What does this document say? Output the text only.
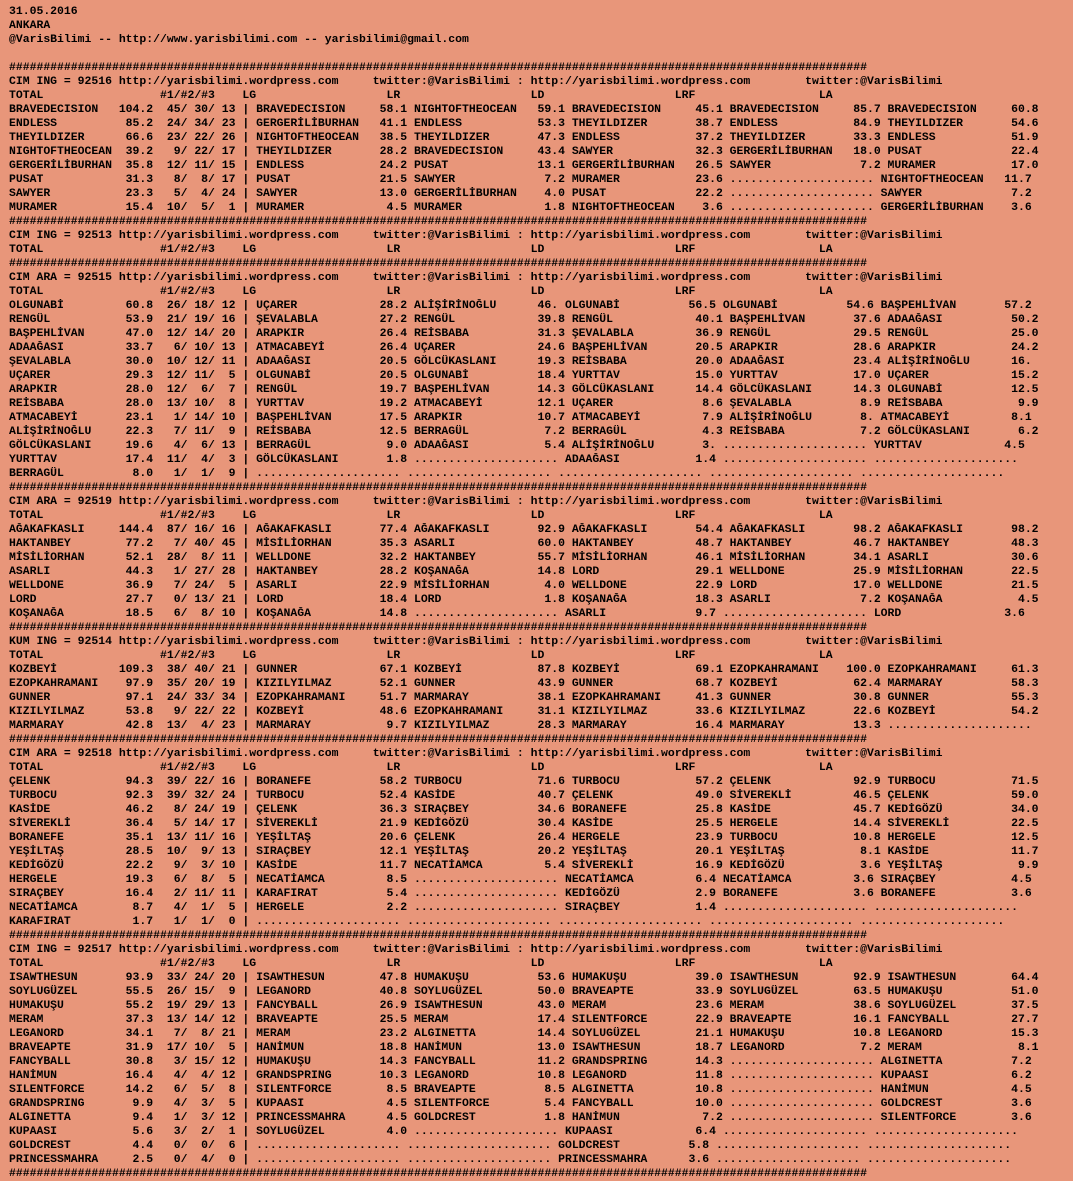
31.05.2016
ANKARA
@VarisBilimi -- http://www.yarisbilimi.com -- yarisbilimi@gmail.com
#############################################################################################################################
CIM ING = 92516 http://yarisbilimi.wordpress.com     twitter:@VarisBilimi : http://yarisbilimi.wordpress.com        twitter:@VarisBilimi
TOTAL                 #1/#2/#3    LG                   LR                   LD                   LRF                  LA
BRAVEDECISION   104.2  45/ 30/ 13 | BRAVEDECISION     58.1 NIGHTOFTHEOCEAN   59.1 BRAVEDECISION     45.1 BRAVEDECISION     85.7 BRAVEDECISION     60.8
ENDLESS          85.2  24/ 34/ 23 | GERGERİLİBURHAN   41.1 ENDLESS           53.3 THEYILDIZER       38.7 ENDLESS           84.9 THEYILDIZER       54.6
THEYILDIZER      66.6  23/ 22/ 26 | NIGHTOFTHEOCEAN   38.5 THEYILDIZER       47.3 ENDLESS           37.2 THEYILDIZER       33.3 ENDLESS           51.9
NIGHTOFTHEOCEAN  39.2   9/ 22/ 17 | THEYILDIZER       28.2 BRAVEDECISION     43.4 SAWYER            32.3 GERGERİLİBURHAN   18.0 PUSAT             22.4
GERGERİLİBURHAN  35.8  12/ 11/ 15 | ENDLESS           24.2 PUSAT             13.1 GERGERİLİBURHAN   26.5 SAWYER             7.2 MURAMER           17.0
PUSAT            31.3   8/  8/ 17 | PUSAT             21.5 SAWYER             7.2 MURAMER           23.6 ..................... NIGHTOFTHEOCEAN   11.7
SAWYER           23.3   5/  4/ 24 | SAWYER            13.0 GERGERİLİBURHAN    4.0 PUSAT             22.2 ..................... SAWYER             7.2
MURAMER          15.4  10/  5/  1 | MURAMER            4.5 MURAMER            1.8 NIGHTOFTHEOCEAN    3.6 ..................... GERGERİLİBURHAN    3.6
#############################################################################################################################
CIM ING = 92513 http://yarisbilimi.wordpress.com     twitter:@VarisBilimi : http://yarisbilimi.wordpress.com        twitter:@VarisBilimi
TOTAL                 #1/#2/#3    LG                   LR                   LD                   LRF                  LA
#############################################################################################################################
CIM ARA = 92515 http://yarisbilimi.wordpress.com     twitter:@VarisBilimi : http://yarisbilimi.wordpress.com        twitter:@VarisBilimi
TOTAL                 #1/#2/#3    LG                   LR                   LD                   LRF                  LA
OLGUNABİ         60.8  26/ 18/ 12 | UÇARER            28.2 ALİŞİRİNOĞLU      46. OLGUNABİ          56.5 OLGUNABİ          54.6 BAŞPEHLİVAN       57.2
RENGÜL           53.9  21/ 19/ 16 | ŞEVALABLA         27.2 RENGÜL            39.8 RENGÜL            40.1 BAŞPEHLİVAN       37.6 ADAAĞASI          50.2
BAŞPEHLİVAN      47.0  12/ 14/ 20 | ARAPKIR           26.4 REİSBABA          31.3 ŞEVALABLA         36.9 RENGÜL            29.5 RENGÜL            25.0
ADAAĞASI         33.7   6/ 10/ 13 | ATMACABEYİ        26.4 UÇARER            24.6 BAŞPEHLİVAN       20.5 ARAPKIR           28.6 ARAPKIR           24.2
ŞEVALABLA        30.0  10/ 12/ 11 | ADAAĞASI          20.5 GÖLCÜKASLANI      19.3 REİSBABA          20.0 ADAAĞASI          23.4 ALİŞİRİNOĞLU      16.
UÇARER           29.3  12/ 11/  5 | OLGUNABİ          20.5 OLGUNABİ          18.4 YURTTAV           15.0 YURTTAV           17.0 UÇARER            15.2
ARAPKIR          28.0  12/  6/  7 | RENGÜL            19.7 BAŞPEHLİVAN       14.3 GÖLCÜKASLANI      14.4 GÖLCÜKASLANI      14.3 OLGUNABİ          12.5
REİSBABA         28.0  13/ 10/  8 | YURTTAV           19.2 ATMACABEYİ        12.1 UÇARER             8.6 ŞEVALABLA          8.9 REİSBABA           9.9
ATMACABEYİ       23.1   1/ 14/ 10 | BAŞPEHLİVAN       17.5 ARAPKIR           10.7 ATMACABEYİ         7.9 ALİŞİRİNOĞLU       8. ATMACABEYİ         8.1
ALİŞİRİNOĞLU     22.3   7/ 11/  9 | REİSBABA          12.5 BERRAGÜL           7.2 BERRAGÜL           4.3 REİSBABA           7.2 GÖLCÜKASLANI       6.2
GÖLCÜKASLANI     19.6   4/  6/ 13 | BERRAGÜL           9.0 ADAAĞASI           5.4 ALİŞİRİNOĞLU       3. ..................... YURTTAV            4.5
YURTTAV          17.4  11/  4/  3 | GÖLCÜKASLANI       1.8 ..................... ADAAĞASI           1.4 ..................... .....................
BERRAGÜL          8.0   1/  1/  9 | ..................... ..................... ..................... ..................... .....................
#############################################################################################################################
CIM ARA = 92519 http://yarisbilimi.wordpress.com     twitter:@VarisBilimi : http://yarisbilimi.wordpress.com        twitter:@VarisBilimi
TOTAL                 #1/#2/#3    LG                   LR                   LD                   LRF                  LA
AĞAKAFKASLI     144.4  87/ 16/ 16 | AĞAKAFKASLI       77.4 AĞAKAFKASLI       92.9 AĞAKAFKASLI       54.4 AĞAKAFKASLI       98.2 AĞAKAFKASLI       98.2
HAKTANBEY        77.2   7/ 40/ 45 | MİSİLİORHAN       35.3 ASARLI            60.0 HAKTANBEY         48.7 HAKTANBEY         46.7 HAKTANBEY         48.3
MİSİLİORHAN      52.1  28/  8/ 11 | WELLDONE          32.2 HAKTANBEY         55.7 MİSİLİORHAN       46.1 MİSİLİORHAN       34.1 ASARLI            30.6
ASARLI           44.3   1/ 27/ 28 | HAKTANBEY         28.2 KOŞANAĞA          14.8 LORD              29.1 WELLDONE          25.9 MİSİLİORHAN       22.5
WELLDONE         36.9   7/ 24/  5 | ASARLI            22.9 MİSİLİORHAN        4.0 WELLDONE          22.9 LORD              17.0 WELLDONE          21.5
LORD             27.7   0/ 13/ 21 | LORD              18.4 LORD               1.8 KOŞANAĞA          18.3 ASARLI             7.2 KOŞANAĞA           4.5
KOŞANAĞA         18.5   6/  8/ 10 | KOŞANAĞA          14.8 ..................... ASARLI             9.7 ..................... LORD               3.6
#############################################################################################################################
KUM ING = 92514 http://yarisbilimi.wordpress.com     twitter:@VarisBilimi : http://yarisbilimi.wordpress.com        twitter:@VarisBilimi
TOTAL                 #1/#2/#3    LG                   LR                   LD                   LRF                  LA
KOZBEYİ         109.3  38/ 40/ 21 | GUNNER            67.1 KOZBEYİ           87.8 KOZBEYİ           69.1 EZOPKAHRAMANI    100.0 EZOPKAHRAMANI     61.3
EZOPKAHRAMANI    97.9  35/ 20/ 19 | KIZILYILMAZ       52.1 GUNNER            43.9 GUNNER            68.7 KOZBEYİ           62.4 MARMARAY          58.3
GUNNER           97.1  24/ 33/ 34 | EZOPKAHRAMANI     51.7 MARMARAY          38.1 EZOPKAHRAMANI     41.3 GUNNER            30.8 GUNNER            55.3
KIZILYILMAZ      53.8   9/ 22/ 22 | KOZBEYİ           48.6 EZOPKAHRAMANI     31.1 KIZILYILMAZ       33.6 KIZILYILMAZ       22.6 KOZBEYİ           54.2
MARMARAY         42.8  13/  4/ 23 | MARMARAY           9.7 KIZILYILMAZ       28.3 MARMARAY          16.4 MARMARAY          13.3 .....................
#############################################################################################################################
CIM ARA = 92518 http://yarisbilimi.wordpress.com     twitter:@VarisBilimi : http://yarisbilimi.wordpress.com        twitter:@VarisBilimi
TOTAL                 #1/#2/#3    LG                   LR                   LD                   LRF                  LA
ÇELENK           94.3  39/ 22/ 16 | BORANEFE          58.2 TURBOCU           71.6 TURBOCU           57.2 ÇELENK            92.9 TURBOCU           71.5
TURBOCU          92.3  39/ 32/ 24 | TURBOCU           52.4 KASİDE            40.7 ÇELENK            49.0 SİVEREKLİ         46.5 ÇELENK            59.0
KASİDE           46.2   8/ 24/ 19 | ÇELENK            36.3 SIRAÇBEY          34.6 BORANEFE          25.8 KASİDE            45.7 KEDİGÖZÜ          34.0
SİVEREKLİ        36.4   5/ 14/ 17 | SİVEREKLİ         21.9 KEDİGÖZÜ          30.4 KASİDE            25.5 HERGELE           14.4 SİVEREKLİ         22.5
BORANEFE         35.1  13/ 11/ 16 | YEŞİLTAŞ          20.6 ÇELENK            26.4 HERGELE           23.9 TURBOCU           10.8 HERGELE           12.5
YEŞİLTAŞ         28.5  10/  9/ 13 | SIRAÇBEY          12.1 YEŞİLTAŞ          20.2 YEŞİLTAŞ          20.1 YEŞİLTAŞ           8.1 KASİDE            11.7
KEDİGÖZÜ         22.2   9/  3/ 10 | KASİDE            11.7 NECATİAMCA         5.4 SİVEREKLİ         16.9 KEDİGÖZÜ           3.6 YEŞİLTAŞ           9.9
HERGELE          19.3   6/  8/  5 | NECATİAMCA         8.5 ..................... NECATİAMCA         6.4 NECATİAMCA         3.6 SIRAÇBEY           4.5
SIRAÇBEY         16.4   2/ 11/ 11 | KARAFIRAT          5.4 ..................... KEDİGÖZÜ           2.9 BORANEFE           3.6 BORANEFE           3.6
NECATİAMCA        8.7   4/  1/  5 | HERGELE            2.2 ..................... SIRAÇBEY           1.4 ..................... .....................
KARAFIRAT         1.7   1/  1/  0 | ..................... ..................... ..................... ..................... .....................
#############################################################################################################################
CIM ING = 92517 http://yarisbilimi.wordpress.com     twitter:@VarisBilimi : http://yarisbilimi.wordpress.com        twitter:@VarisBilimi
TOTAL                 #1/#2/#3    LG                   LR                   LD                   LRF                  LA
ISAWTHESUN       93.9  33/ 24/ 20 | ISAWTHESUN        47.8 HUMAKUŞU          53.6 HUMAKUŞU          39.0 ISAWTHESUN        92.9 ISAWTHESUN        64.4
SOYLUGÜZEL       55.5  26/ 15/  9 | LEGANORD          40.8 SOYLUGÜZEL        50.0 BRAVEAPTE         33.9 SOYLUGÜZEL        63.5 HUMAKUŞU          51.0
HUMAKUŞU         55.2  19/ 29/ 13 | FANCYBALL         26.9 ISAWTHESUN        43.0 MERAM             23.6 MERAM             38.6 SOYLUGÜZEL        37.5
MERAM            37.3  13/ 14/ 12 | BRAVEAPTE         25.5 MERAM             17.4 SILENTFORCE       22.9 BRAVEAPTE         16.1 FANCYBALL         27.7
LEGANORD         34.1   7/  8/ 21 | MERAM             23.2 ALGINETTA         14.4 SOYLUGÜZEL        21.1 HUMAKUŞU          10.8 LEGANORD          15.3
BRAVEAPTE        31.9  17/ 10/  5 | HANİMUN           18.8 HANİMUN           13.0 ISAWTHESUN        18.7 LEGANORD           7.2 MERAM              8.1
FANCYBALL        30.8   3/ 15/ 12 | HUMAKUŞU          14.3 FANCYBALL         11.2 GRANDSPRING       14.3 ..................... ALGINETTA          7.2
HANİMUN          16.4   4/  4/ 12 | GRANDSPRING       10.3 LEGANORD          10.8 LEGANORD          11.8 ..................... KUPAASI            6.2
SILENTFORCE      14.2   6/  5/  8 | SILENTFORCE        8.5 BRAVEAPTE          8.5 ALGINETTA         10.8 ..................... HANİMUN            4.5
GRANDSPRING       9.9   4/  3/  5 | KUPAASI            4.5 SILENTFORCE        5.4 FANCYBALL         10.0 ..................... GOLDCREST          3.6
ALGINETTA         9.4   1/  3/ 12 | PRINCESSMAHRA      4.5 GOLDCREST          1.8 HANİMUN            7.2 ..................... SILENTFORCE        3.6
KUPAASI           5.6   3/  2/  1 | SOYLUGÜZEL         4.0 ..................... KUPAASI            6.4 ..................... .....................
GOLDCREST         4.4   0/  0/  6 | ..................... ..................... GOLDCREST          5.8 ..................... .....................
PRINCESSMAHRA     2.5   0/  4/  0 | ..................... ..................... PRINCESSMAHRA      3.6 ..................... .....................
#############################################################################################################################
